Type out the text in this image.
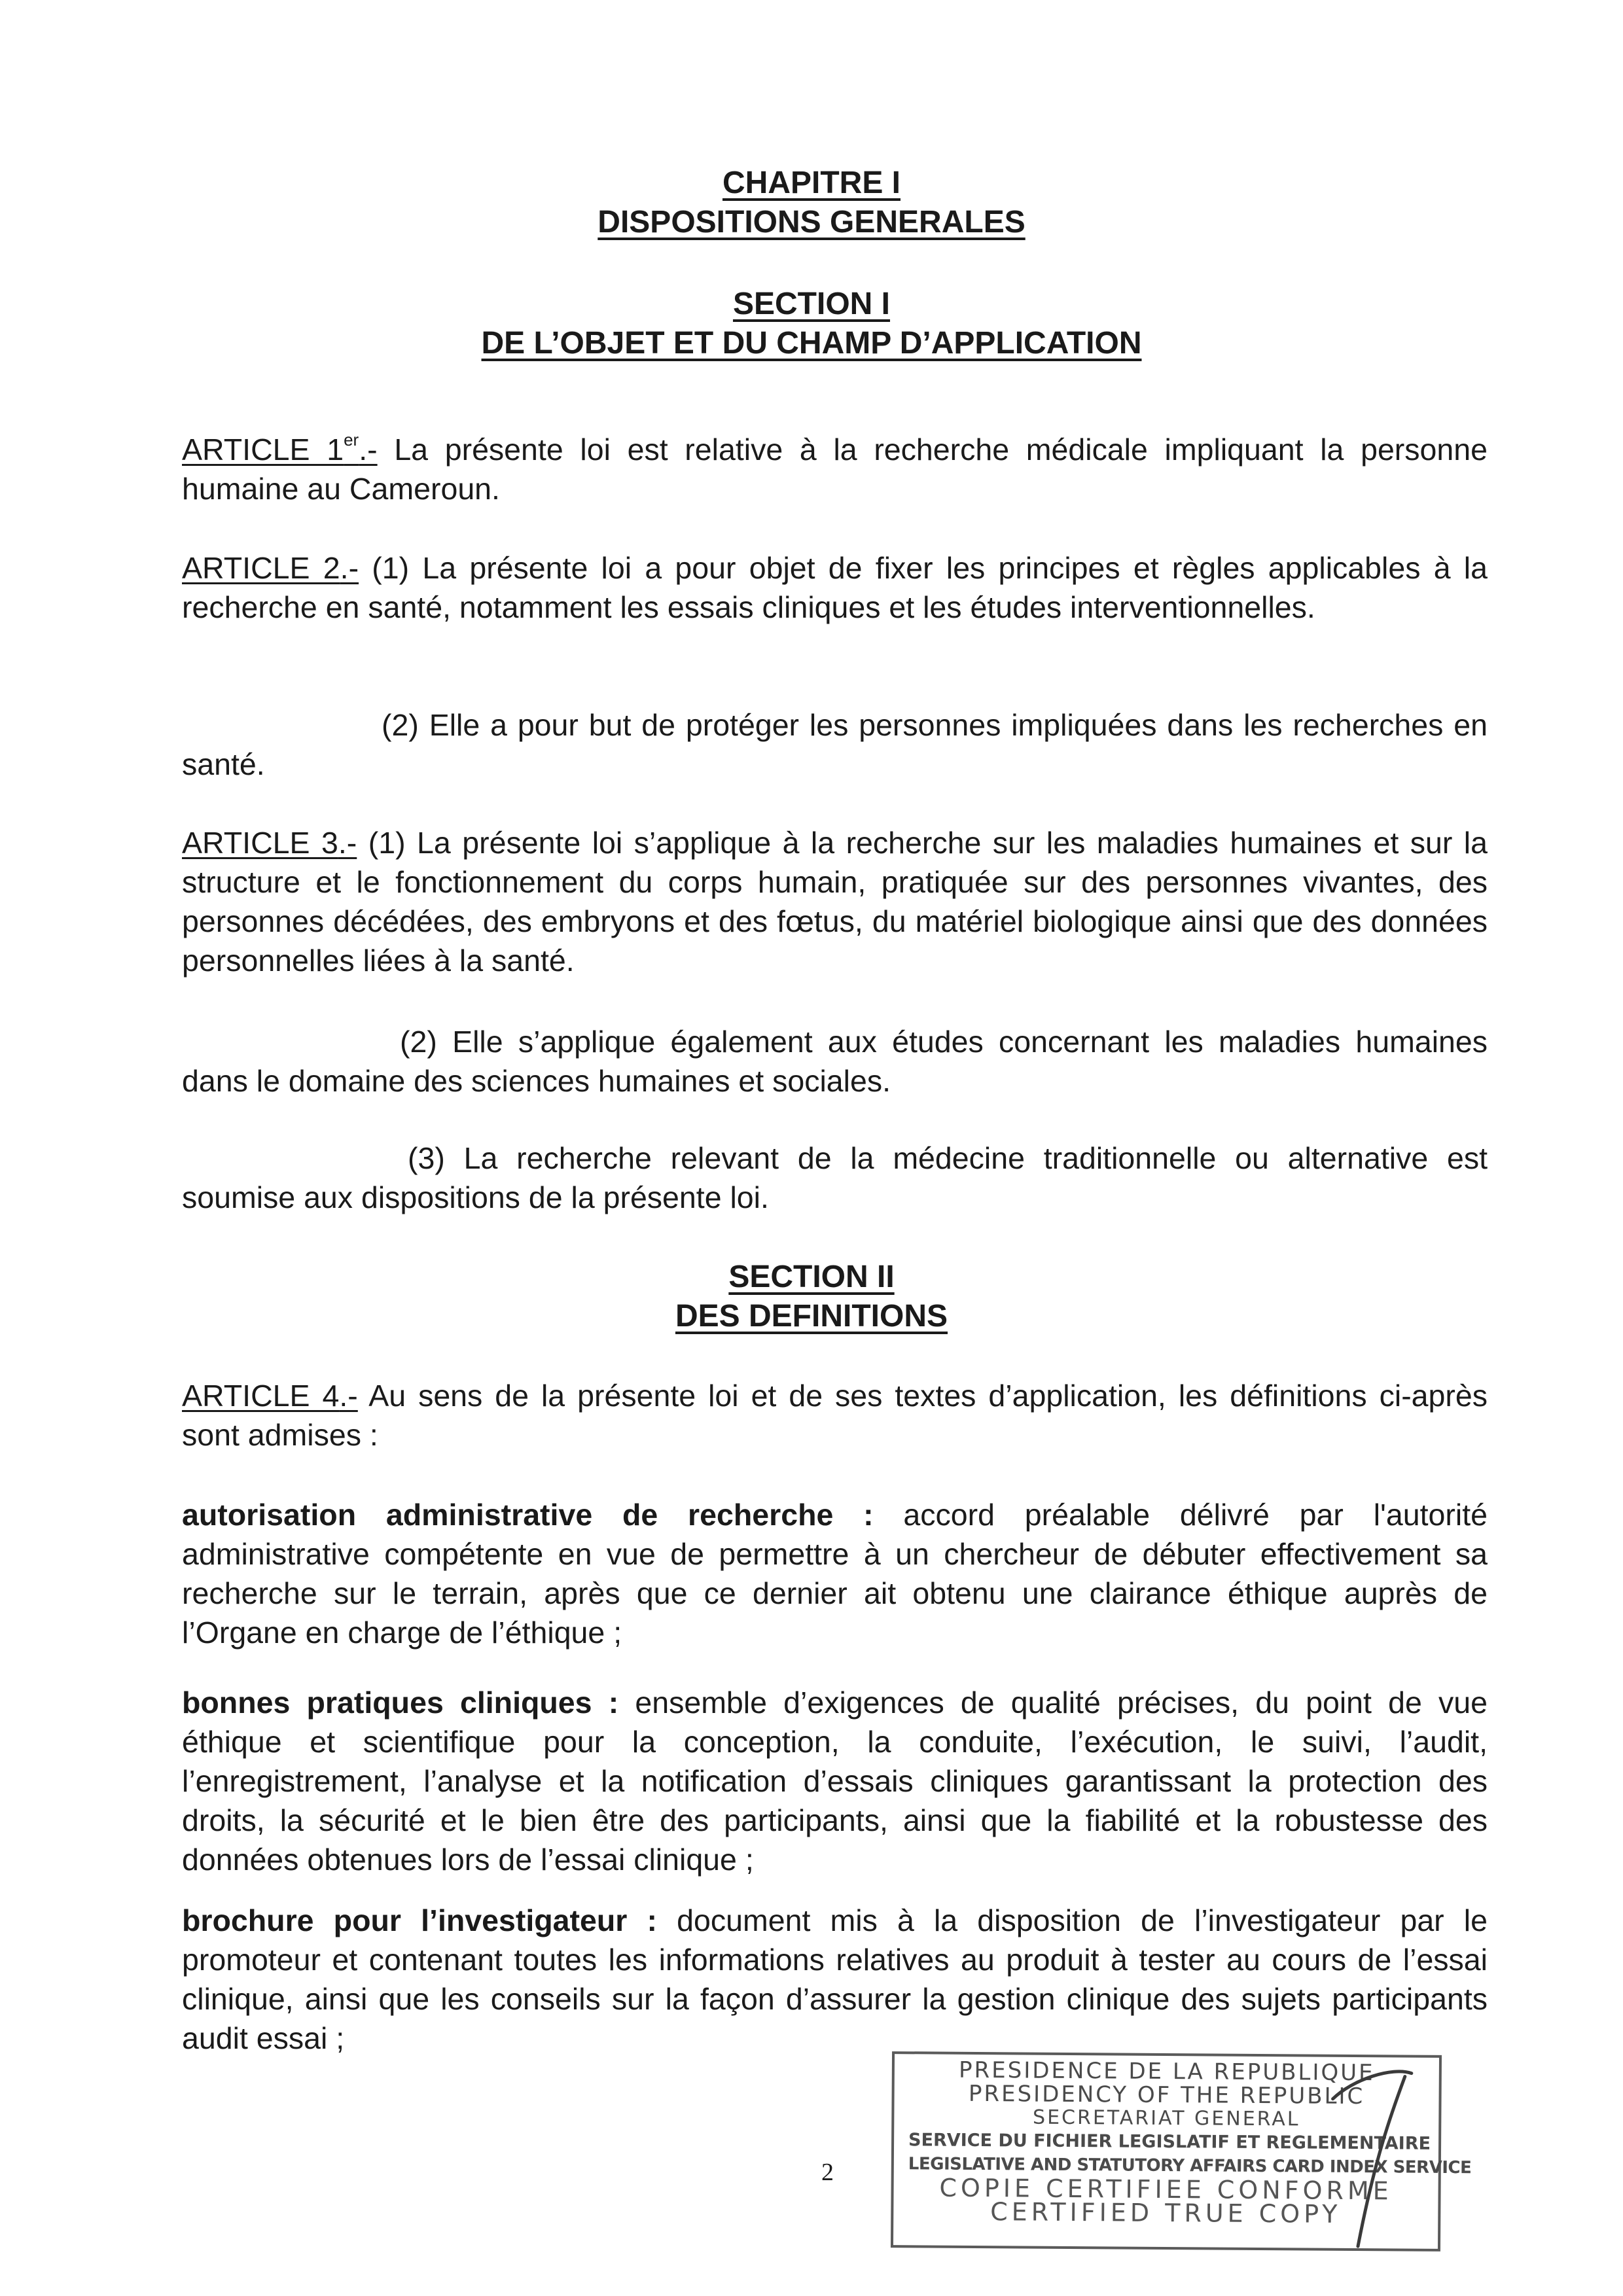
CHAPITRE I
DISPOSITIONS GENERALES
SECTION I
DE L’OBJET ET DU CHAMP D’APPLICATION
ARTICLE 1er.- La présente loi est relative à la recherche médicale impliquant la personne humaine au Cameroun.
ARTICLE 2.- (1) La présente loi a pour objet de fixer les principes et règles applicables à la recherche en santé, notamment les essais cliniques et les études interventionnelles.
(2) Elle a pour but de protéger les personnes impliquées dans les recherches en santé.
ARTICLE 3.- (1) La présente loi s’applique à la recherche sur les maladies humaines et sur la structure et le fonctionnement du corps humain, pratiquée sur des personnes vivantes, des personnes décédées, des embryons et des fœtus, du matériel biologique ainsi que des données personnelles liées à la santé.
(2) Elle s’applique également aux études concernant les maladies humaines dans le domaine des sciences humaines et sociales.
(3) La recherche relevant de la médecine traditionnelle ou alternative est soumise aux dispositions de la présente loi.
SECTION II
DES DEFINITIONS
ARTICLE 4.- Au sens de la présente loi et de ses textes d’application, les définitions ci-après sont admises :
autorisation administrative de recherche : accord préalable délivré par l'autorité administrative compétente en vue de permettre à un chercheur de débuter effectivement sa recherche sur le terrain, après que ce dernier ait obtenu une clairance éthique auprès de l’Organe en charge de l’éthique ;
bonnes pratiques cliniques : ensemble d’exigences de qualité précises, du point de vue éthique et scientifique pour la conception, la conduite, l’exécution, le suivi, l’audit, l’enregistrement, l’analyse et la notification d’essais cliniques garantissant la protection des droits, la sécurité et le bien être des participants, ainsi que la fiabilité et la robustesse des données obtenues lors de l’essai clinique ;
brochure pour l’investigateur : document mis à la disposition de l’investigateur par le promoteur et contenant toutes les informations relatives au produit à tester au cours de l’essai clinique, ainsi que les conseils sur la façon d’assurer la gestion clinique des sujets participants audit essai ;
2
PRESIDENCE DE LA REPUBLIQUE
PRESIDENCY OF THE REPUBLIC
SECRETARIAT GENERAL
SERVICE DU FICHIER LEGISLATIF ET REGLEMENTAIRE
LEGISLATIVE AND STATUTORY AFFAIRS CARD INDEX SERVICE
COPIE CERTIFIEE CONFORME
CERTIFIED TRUE COPY
